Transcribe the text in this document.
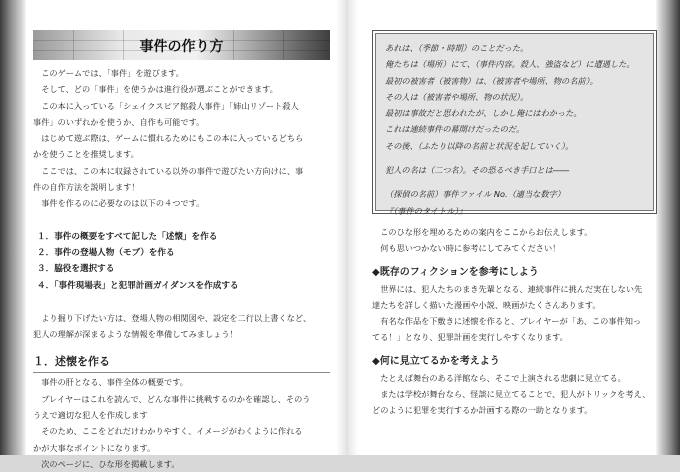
事件の作り方

このゲームでは、「事件」を遊びます。

そして、どの「事件」を使うかは進行役が選ぶことができます。

この本に入っている「シェイクスピア館殺人事件」「姉山リゾート殺人

事件」のいずれかを使うか、自作も可能です。

はじめて遊ぶ際は、ゲームに慣れるためにもこの本に入っているどちら

かを使うことを推奨します。

ここでは、この本に収録されている以外の事件で遊びたい方向けに、事

件の自作方法を説明します！

事件を作るのに必要なのは以下の４つです。

１．事件の概要をすべて記した「述懐」を作る
２．事件の登場人物（モブ）を作る
３．脇役を選択する
４．「事件現場表」と犯罪計画ガイダンスを作成する

より掘り下げたい方は、登場人物の相関図や、設定を二行以上書くなど、

犯人の理解が深まるような情報を準備してみましょう！

１．述懐を作る

事件の肝となる、事件全体の概要です。

プレイヤーはこれを読んで、どんな事件に挑戦するのかを確認し、そのう

うえで適切な犯人を作成します

そのため、ここをどれだけわかりやすく、イメージがわくように作れる

かが大事なポイントになります。

次のページに、ひな形を掲載します。

あれは、（季節・時期）のことだった。
俺たちは（場所）にて、（事件内容。殺人、強盗など）に遭遇した。
最初の被害者（被害物）は、（被害者や場所、物の名前）。
その人は（被害者や場所、物の状況）。
最初は事故だと思われたが、しかし俺にはわかった。
これは連続事件の幕開けだったのだ。
その後、（ふたり以降の名前と状況を記していく）。
犯人の名は（二つ名）。その恐るべき手口とは――
（探偵の名前）事件ファイル No.（適当な数字）
『（事件のタイトル）』

このひな形を埋めるための案内をここからお伝えします。

何も思いつかない時に参考にしてみてください！

◆既存のフィクションを参考にしよう

世界には、犯人たちのまき先輩となる、連続事件に挑んだ実在しない先

達たちを詳しく描いた漫画や小説、映画がたくさんあります。

有名な作品を下敷きに述懐を作ると、プレイヤーが「あ、この事件知っ

てる！」となり、犯罪計画を実行しやすくなります。

◆何に見立てるかを考えよう

たとえば舞台のある洋館なら、そこで上演される悲劇に見立てる。

または学校が舞台なら、怪談に見立てることで、犯人がトリックを考え、

どのように犯罪を実行するか計画する際の一助となります。
